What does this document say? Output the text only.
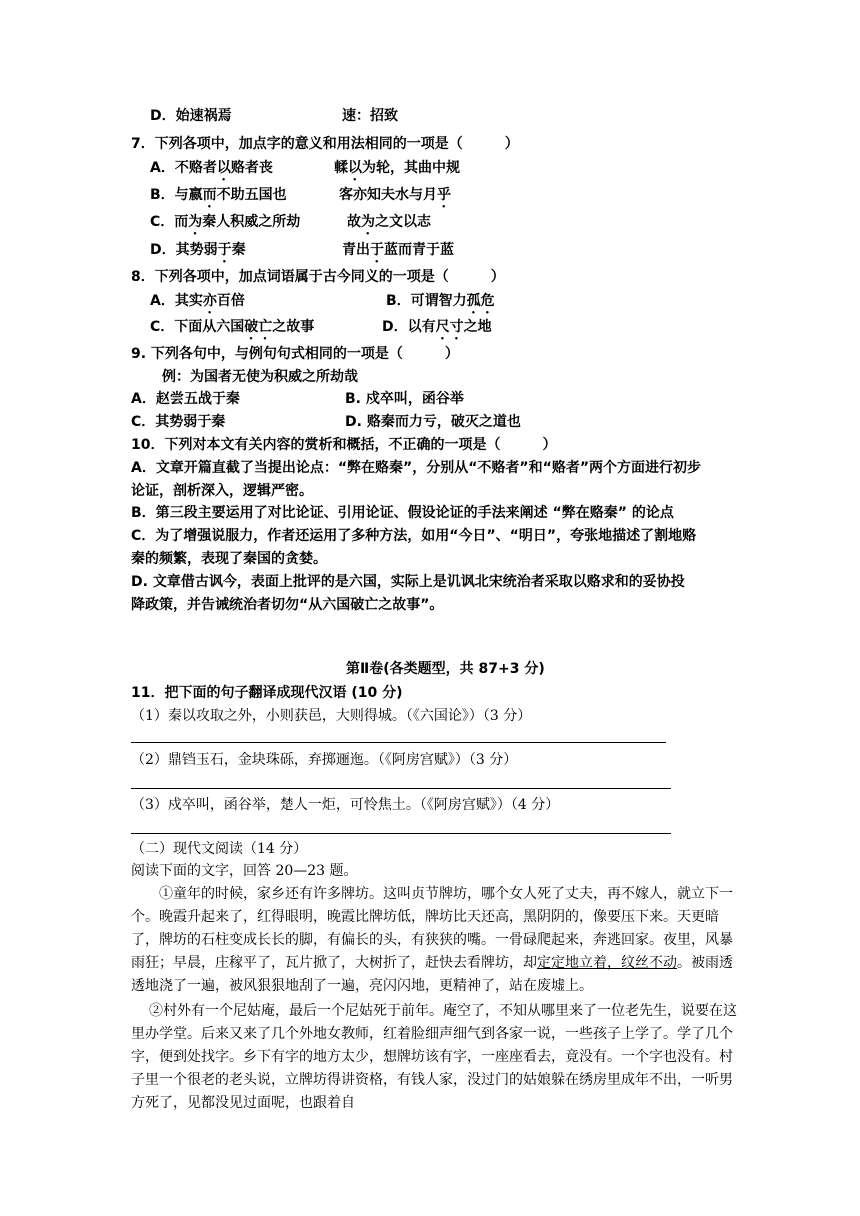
D．始速祸焉	速：招致
7．下列各项中，加点字的意义和用法相同的一项是（　　　）
A．不赂者以赂者丧	輮以为轮，其曲中规
B．与嬴而不助五国也	客亦知夫水与月乎
C．而为秦人积威之所劫	故为之文以志
D．其势弱于秦	青出于蓝而青于蓝
8．下列各项中，加点词语属于古今同义的一项是（　　　）
A．其实亦百倍	B．可谓智力孤危
C．下面从六国破亡之故事	D．以有尺寸之地
9. 下列各句中，与例句句式相同的一项是（　　　）
例：为国者无使为积威之所劫哉
A．赵尝五战于秦	B. 戍卒叫，函谷举
C．其势弱于秦	D. 赂秦而力亏，破灭之道也
10．下列对本文有关内容的赏析和概括，不正确的一项是（　　　）
A．文章开篇直截了当提出论点：“弊在赂秦”，分别从“不赂者”和“赂者”两个方面进行初步
论证，剖析深入，逻辑严密。
B．第三段主要运用了对比论证、引用论证、假设论证的手法来阐述 “弊在赂秦” 的论点
C．为了增强说服力，作者还运用了多种方法，如用“今日”、“明日”，夸张地描述了割地赂
秦的频繁，表现了秦国的贪婪。
D. 文章借古讽今，表面上批评的是六国，实际上是讥讽北宋统治者采取以赂求和的妥协投
降政策，并告诫统治者切勿“从六国破亡之故事”。
第Ⅱ卷(各类题型，共 87+3 分)
11．把下面的句子翻译成现代汉语 (10 分)
（1）秦以攻取之外，小则获邑，大则得城。（《六国论》）（3 分）
（2）鼎铛玉石，金块珠砾，弃掷逦迤。（《阿房宫赋》）（3 分）
（3）戍卒叫，函谷举，楚人一炬，可怜焦土。（《阿房宫赋》）（4 分）
（二）现代文阅读（14 分）
阅读下面的文字，回答 20—23 题。
①童年的时候，家乡还有许多牌坊。这叫贞节牌坊，哪个女人死了丈夫，再不嫁人，就立下一个。晚霞升起来了，红得眼明，晚霞比牌坊低，牌坊比天还高，黑阴阴的，像要压下来。天更暗了，牌坊的石柱变成长长的脚，有偏长的头，有狭狭的嘴。一骨碌爬起来，奔逃回家。夜里，风暴雨狂；早晨，庄稼平了，瓦片掀了，大树折了，赶快去看牌坊，却定定地立着，纹丝不动。被雨透透地浇了一遍，被风狠狠地刮了一遍，亮闪闪地，更精神了，站在废墟上。
②村外有一个尼姑庵，最后一个尼姑死于前年。庵空了，不知从哪里来了一位老先生，说要在这里办学堂。后来又来了几个外地女教师，红着脸细声细气到各家一说，一些孩子上学了。学了几个字，便到处找字。乡下有字的地方太少，想牌坊该有字，一座座看去，竟没有。一个字也没有。村子里一个很老的老头说，立牌坊得讲资格，有钱人家，没过门的姑娘躲在绣房里成年不出，一听男方死了，见都没见过面呢，也跟着自
